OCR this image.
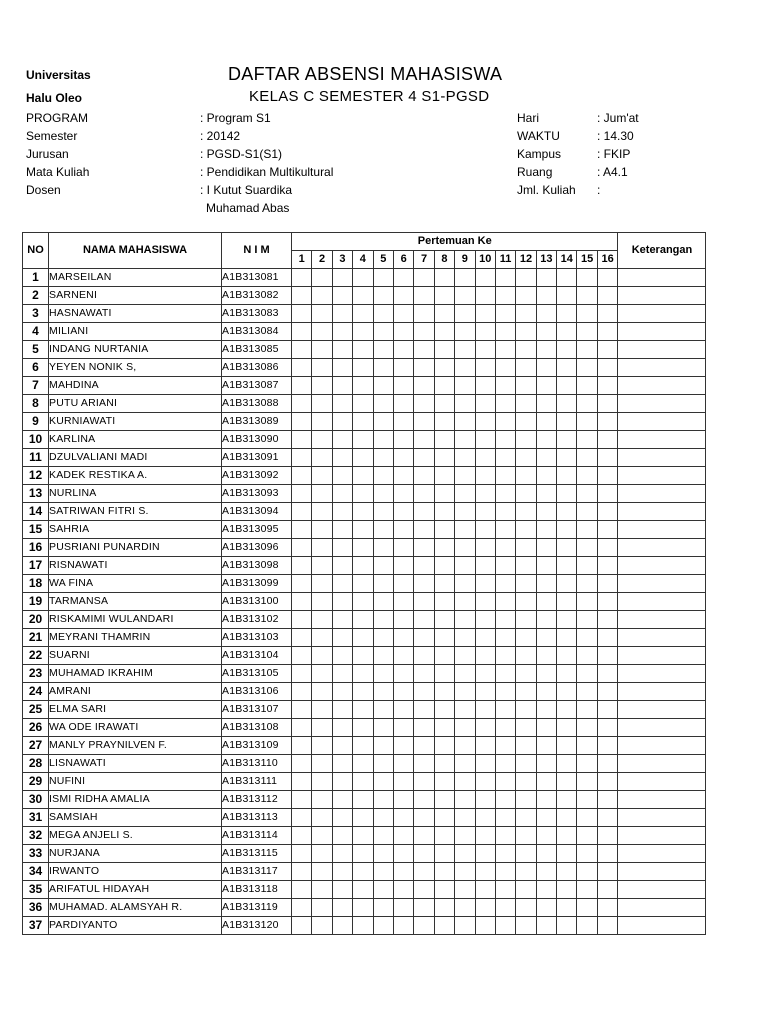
Universitas
Halu Oleo
DAFTAR ABSENSI MAHASISWA
KELAS C SEMESTER 4 S1-PGSD
PROGRAM	: Program S1
Semester	: 20142
Jurusan	: PGSD-S1(S1)
Mata Kuliah	: Pendidikan Multikultural
Dosen	: I Kutut Suardika
Muhamad Abas
Hari	: Jum'at
WAKTU	: 14.30
Kampus	: FKIP
Ruang	: A4.1
Jml. Kuliah :
NO	NAMA MAHASISWA	N I M	Pertemuan Ke																Keterangan
			1	2	3	4	5	6	7	8	9	10	11	12	13	14	15	16	
1	MARSEILAN	A1B313081																	
2	SARNENI	A1B313082																	
3	HASNAWATI	A1B313083																	
4	MILIANI	A1B313084																	
5	INDANG NURTANIA	A1B313085																	
6	YEYEN NONIK S,	A1B313086																	
7	MAHDINA	A1B313087																	
8	PUTU ARIANI	A1B313088																	
9	KURNIAWATI	A1B313089																	
10	KARLINA	A1B313090																	
11	DZULVALIANI MADI	A1B313091																	
12	KADEK RESTIKA A.	A1B313092																	
13	NURLINA	A1B313093																	
14	SATRIWAN FITRI S.	A1B313094																	
15	SAHRIA	A1B313095																	
16	PUSRIANI PUNARDIN	A1B313096																	
17	RISNAWATI	A1B313098																	
18	WA FINA	A1B313099																	
19	TARMANSA	A1B313100																	
20	RISKAMIMI WULANDARI	A1B313102																	
21	MEYRANI THAMRIN	A1B313103																	
22	SUARNI	A1B313104																	
23	MUHAMAD IKRAHIM	A1B313105																	
24	AMRANI	A1B313106																	
25	ELMA SARI	A1B313107																	
26	WA ODE IRAWATI	A1B313108																	
27	MANLY PRAYNILVEN F.	A1B313109																	
28	LISNAWATI	A1B313110																	
29	NUFINI	A1B313111																	
30	ISMI RIDHA AMALIA	A1B313112																	
31	SAMSIAH	A1B313113																	
32	MEGA ANJELI S.	A1B313114																	
33	NURJANA	A1B313115																	
34	IRWANTO	A1B313117																	
35	ARIFATUL HIDAYAH	A1B313118																	
36	MUHAMAD. ALAMSYAH R.	A1B313119																	
37	PARDIYANTO	A1B313120																	
